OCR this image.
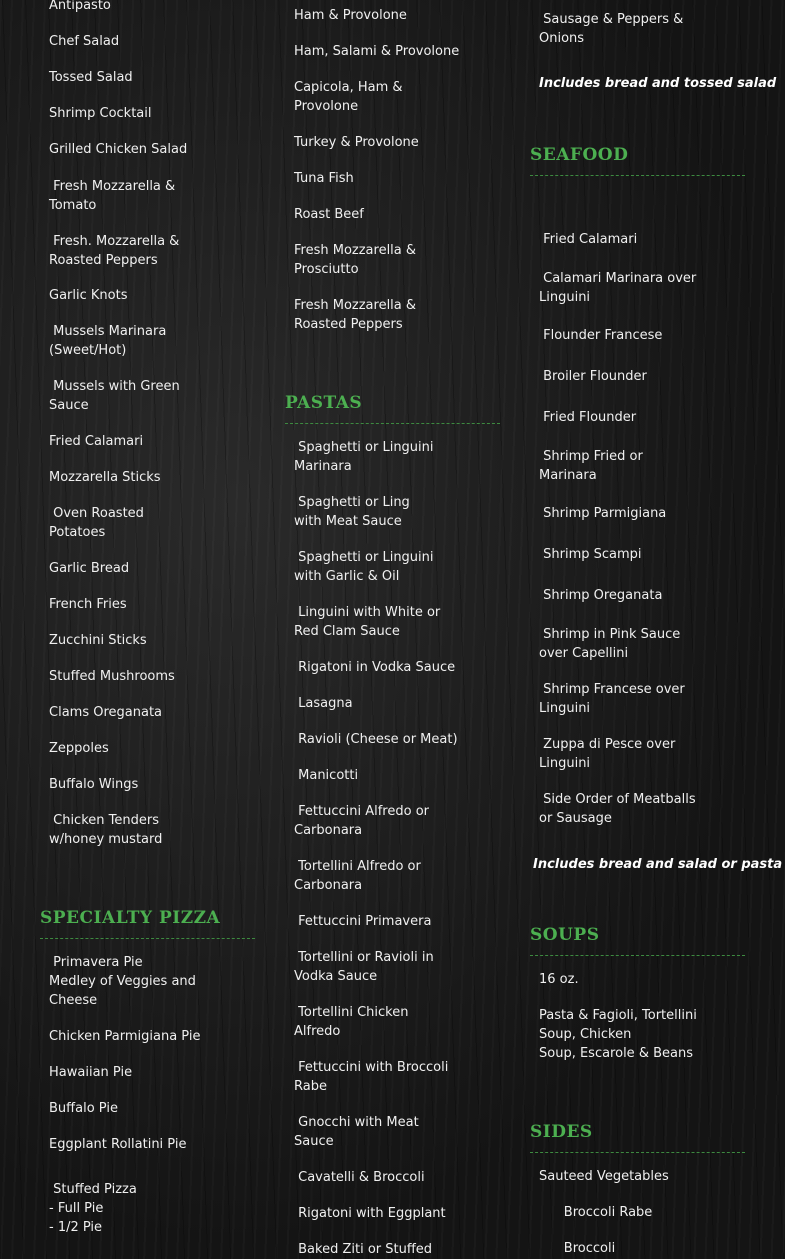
Antipasto
Chef Salad
Tossed Salad
Shrimp Cocktail
Grilled Chicken Salad
Fresh Mozzarella &
Tomato
Fresh. Mozzarella &
Roasted Peppers
Garlic Knots
Mussels Marinara
(Sweet/Hot)
Mussels with Green
Sauce
Fried Calamari
Mozzarella Sticks
Oven Roasted
Potatoes
Garlic Bread
French Fries
Zucchini Sticks
Stuffed Mushrooms
Clams Oreganata
Zeppoles
Buffalo Wings
Chicken Tenders
w/honey mustard
SPECIALTY PIZZA
Primavera Pie
Medley of Veggies and
Cheese
Chicken Parmigiana Pie
Hawaiian Pie
Buffalo Pie
Eggplant Rollatini Pie
Stuffed Pizza
- Full Pie
- 1/2 Pie
Ham & Provolone
Ham, Salami & Provolone
Capicola, Ham &
Provolone
Turkey & Provolone
Tuna Fish
Roast Beef
Fresh Mozzarella &
Prosciutto
Fresh Mozzarella &
Roasted Peppers
PASTAS
Spaghetti or Linguini
Marinara
Spaghetti or Ling
with Meat Sauce
Spaghetti or Linguini
with Garlic & Oil
Linguini with White or
Red Clam Sauce
Rigatoni in Vodka Sauce
Lasagna
Ravioli (Cheese or Meat)
Manicotti
Fettuccini Alfredo or
Carbonara
Tortellini Alfredo or
Carbonara
Fettuccini Primavera
Tortellini or Ravioli in
Vodka Sauce
Tortellini Chicken
Alfredo
Fettuccini with Broccoli
Rabe
Gnocchi with Meat
Sauce
Cavatelli & Broccoli
Rigatoni with Eggplant
Baked Ziti or Stuffed
Sausage & Peppers &
Onions
Includes bread and tossed salad
SEAFOOD
Fried Calamari
Calamari Marinara over
Linguini
Flounder Francese
Broiler Flounder
Fried Flounder
Shrimp Fried or
Marinara
Shrimp Parmigiana
Shrimp Scampi
Shrimp Oreganata
Shrimp in Pink Sauce
over Capellini
Shrimp Francese over
Linguini
Zuppa di Pesce over
Linguini
Side Order of Meatballs
or Sausage
Includes bread and salad or pasta
SOUPS
16 oz.
Pasta & Fagioli, Tortellini
Soup, Chicken
Soup, Escarole & Beans
SIDES
Sauteed Vegetables
Broccoli Rabe
Broccoli
